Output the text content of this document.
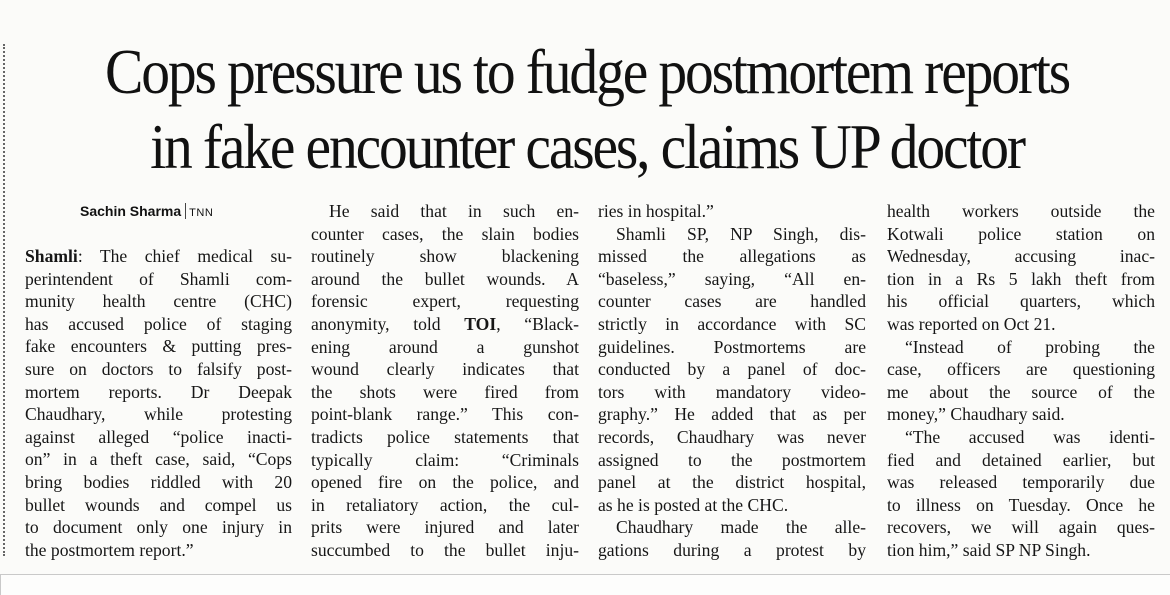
Cops pressure us to fudge postmortem reports
in fake encounter cases, claims UP doctor
Sachin Sharma TNN
Shamli: The chief medical su-
perintendent of Shamli com-
munity health centre (CHC)
has accused police of staging
fake encounters & putting pres-
sure on doctors to falsify post-
mortem reports. Dr Deepak
Chaudhary, while protesting
against alleged “police inacti-
on” in a theft case, said, “Cops
bring bodies riddled with 20
bullet wounds and compel us
to document only one injury in
the postmortem report.”
He said that in such en-
counter cases, the slain bodies
routinely show blackening
around the bullet wounds. A
forensic expert, requesting
anonymity, told TOI, “Black-
ening around a gunshot
wound clearly indicates that
the shots were fired from
point-blank range.” This con-
tradicts police statements that
typically claim: “Criminals
opened fire on the police, and
in retaliatory action, the cul-
prits were injured and later
succumbed to the bullet inju-
ries in hospital.”
Shamli SP, NP Singh, dis-
missed the allegations as
“baseless,” saying, “All en-
counter cases are handled
strictly in accordance with SC
guidelines. Postmortems are
conducted by a panel of doc-
tors with mandatory video-
graphy.” He added that as per
records, Chaudhary was never
assigned to the postmortem
panel at the district hospital,
as he is posted at the CHC.
Chaudhary made the alle-
gations during a protest by
health workers outside the
Kotwali police station on
Wednesday, accusing inac-
tion in a Rs 5 lakh theft from
his official quarters, which
was reported on Oct 21.
“Instead of probing the
case, officers are questioning
me about the source of the
money,” Chaudhary said.
“The accused was identi-
fied and detained earlier, but
was released temporarily due
to illness on Tuesday. Once he
recovers, we will again ques-
tion him,” said SP NP Singh.
